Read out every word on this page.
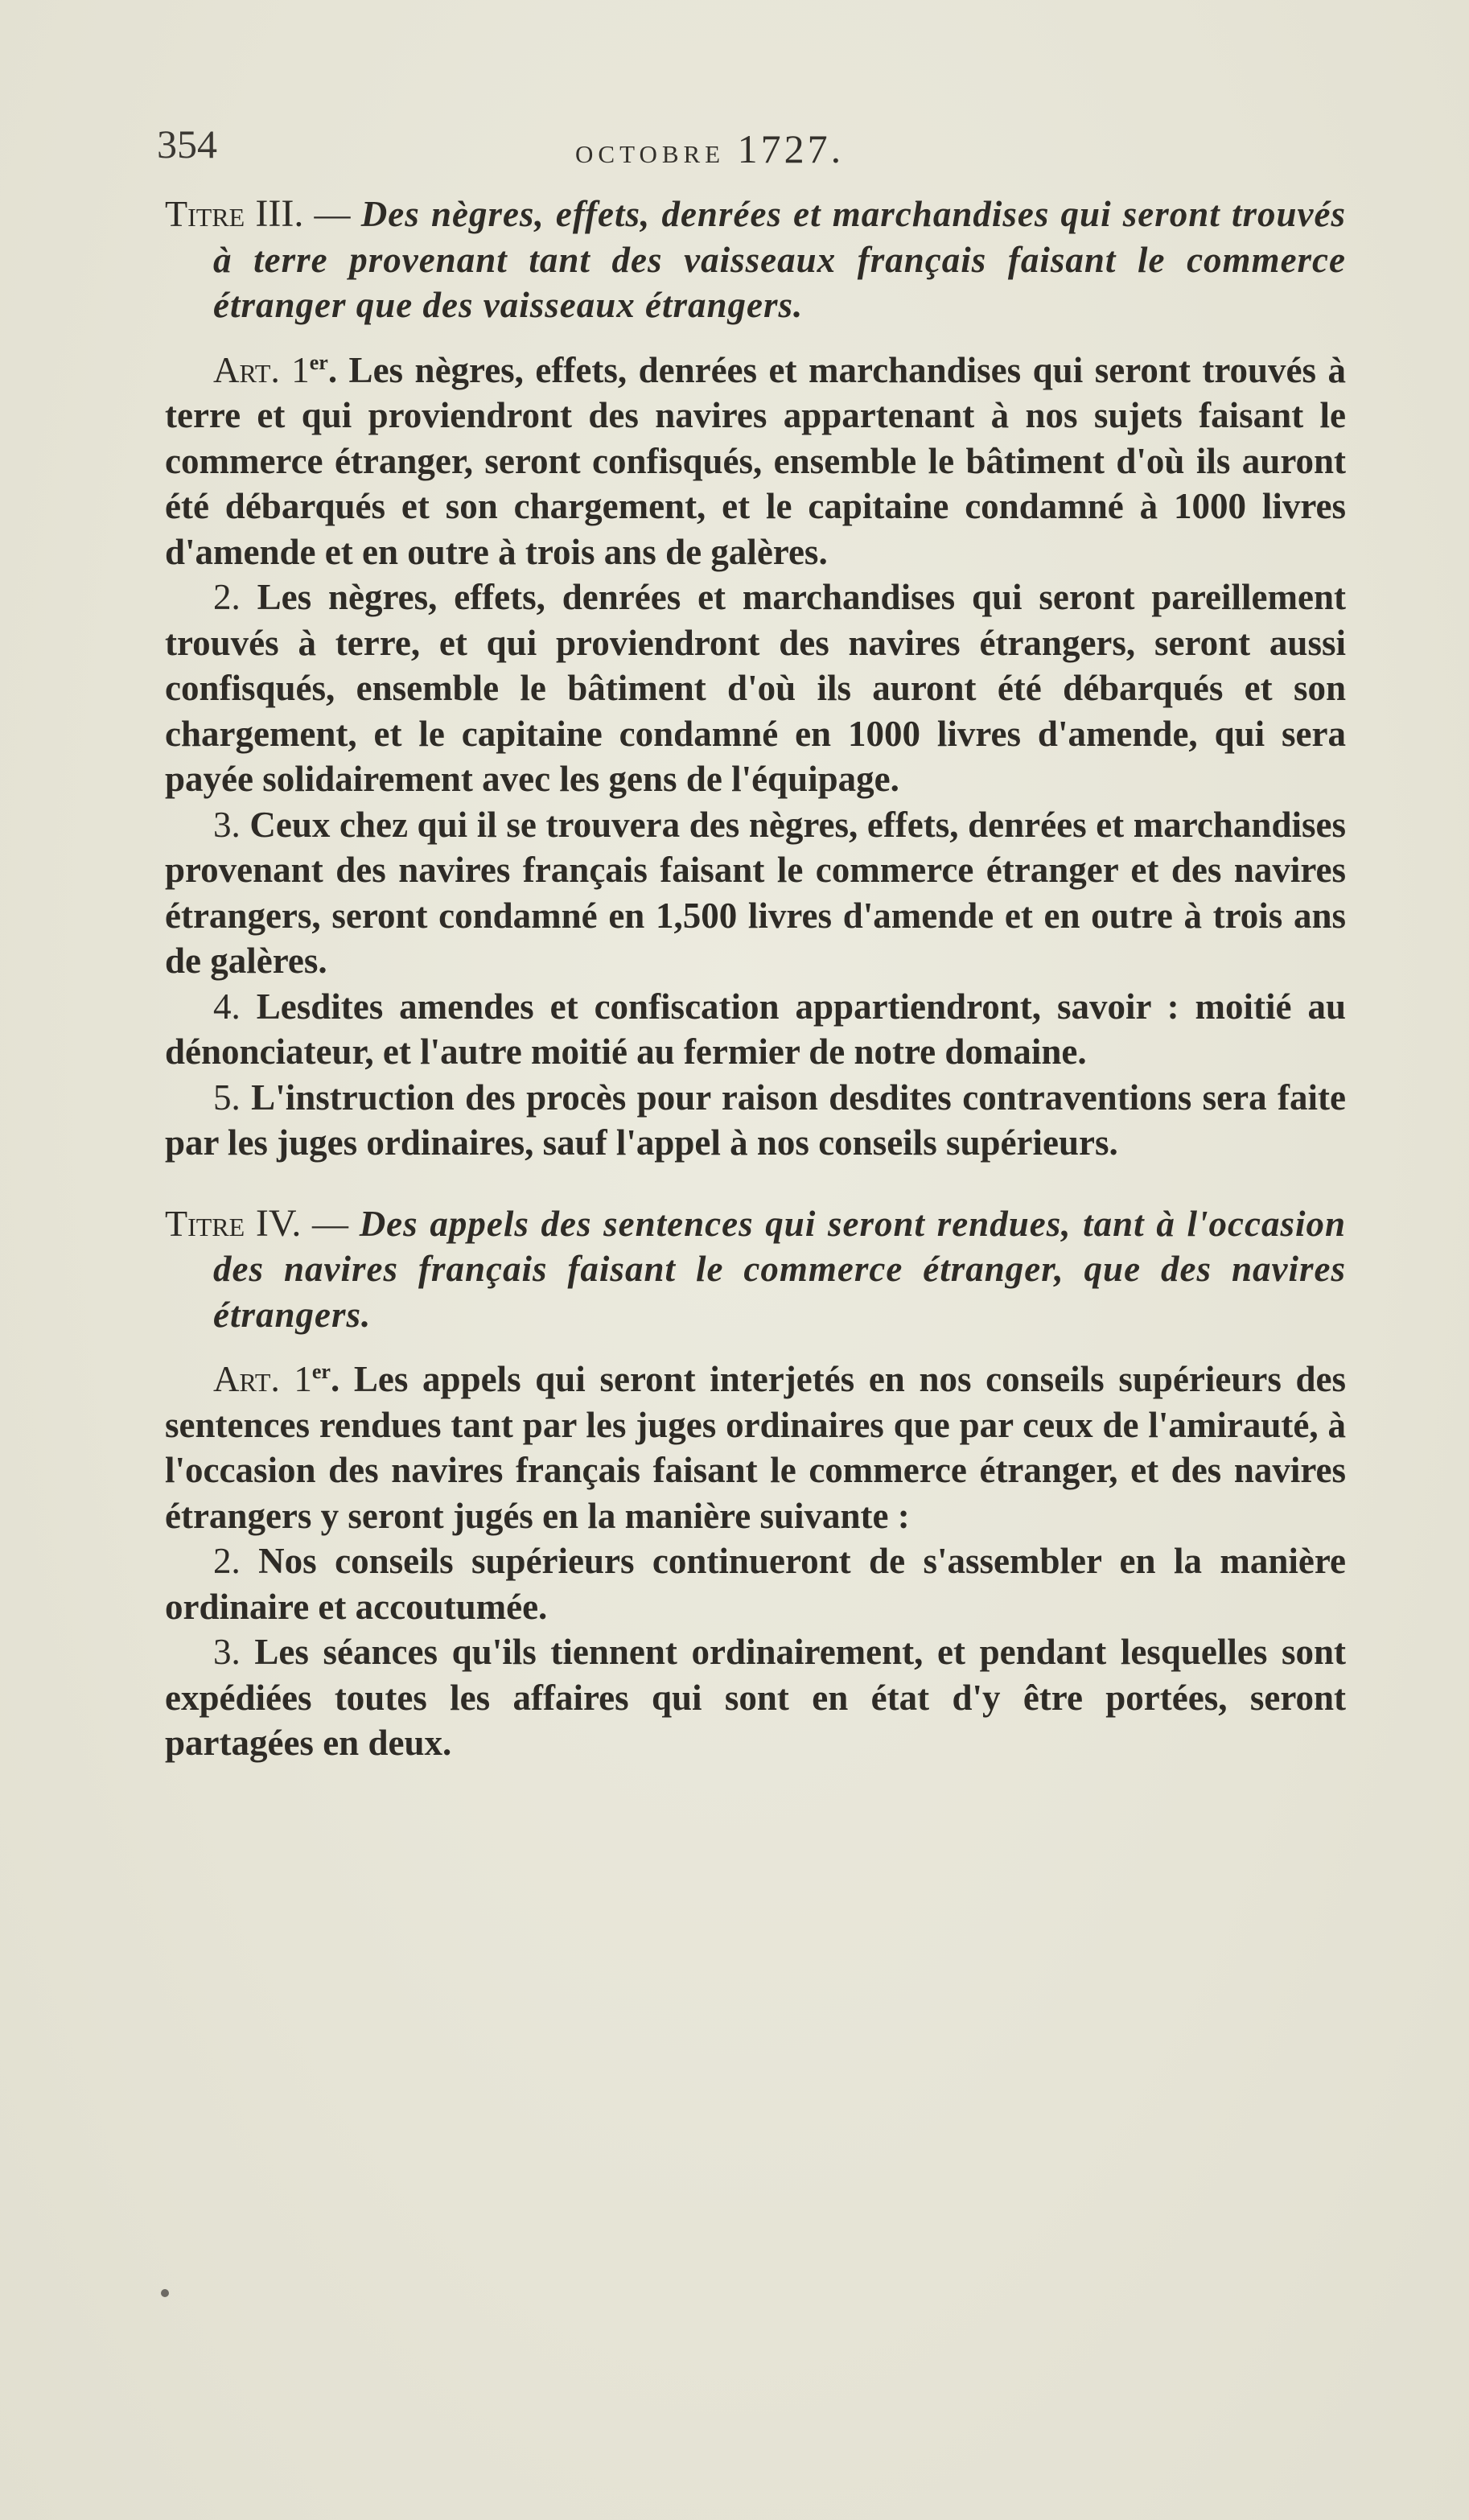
354	octobre 1727.

Titre III. — Des nègres, effets, denrées et marchandises qui seront trouvés à terre provenant tant des vaisseaux français faisant le commerce étranger que des vaisseaux étrangers.

Art. 1er. Les nègres, effets, denrées et marchandises qui seront trouvés à terre et qui proviendront des navires appartenant à nos sujets faisant le commerce étranger, seront confisqués, ensemble le bâtiment d'où ils auront été débarqués et son chargement, et le capitaine condamné à 1000 livres d'amende et en outre à trois ans de galères.

2. Les nègres, effets, denrées et marchandises qui seront pareillement trouvés à terre, et qui proviendront des navires étrangers, seront aussi confisqués, ensemble le bâtiment d'où ils auront été débarqués et son chargement, et le capitaine condamné en 1000 livres d'amende, qui sera payée solidairement avec les gens de l'équipage.

3. Ceux chez qui il se trouvera des nègres, effets, denrées et marchandises provenant des navires français faisant le commerce étranger et des navires étrangers, seront condamné en 1,500 livres d'amende et en outre à trois ans de galères.

4. Lesdites amendes et confiscation appartiendront, savoir : moitié au dénonciateur, et l'autre moitié au fermier de notre domaine.

5. L'instruction des procès pour raison desdites contraventions sera faite par les juges ordinaires, sauf l'appel à nos conseils supérieurs.

Titre IV. — Des appels des sentences qui seront rendues, tant à l'occasion des navires français faisant le commerce étranger, que des navires étrangers.

Art. 1er. Les appels qui seront interjetés en nos conseils supérieurs des sentences rendues tant par les juges ordinaires que par ceux de l'amirauté, à l'occasion des navires français faisant le commerce étranger, et des navires étrangers y seront jugés en la manière suivante :

2. Nos conseils supérieurs continueront de s'assembler en la manière ordinaire et accoutumée.

3. Les séances qu'ils tiennent ordinairement, et pendant lesquelles sont expédiées toutes les affaires qui sont en état d'y être portées, seront partagées en deux.
